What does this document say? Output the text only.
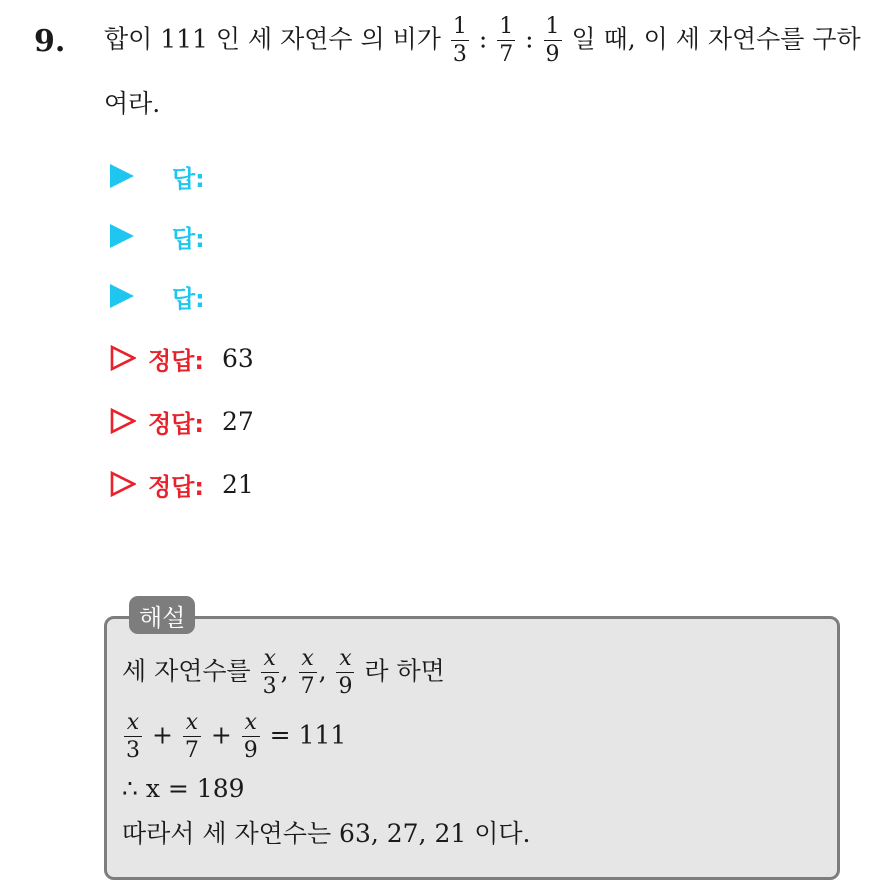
9. 합이 111 인 세 자연수 의 비가 $\frac{1}{3}$ : $\frac{1}{7}$ : $\frac{1}{9}$ 일 때, 이 세 자연수를 구하
여라.
답:
답:
답:
정답: 63
정답: 27
정답: 21
해설
세 자연수를 $\frac{x}{3}$ , $\frac{x}{7}$ , $\frac{x}{9}$ 라 하면
$\frac{x}{3} + \frac{x}{7} + \frac{x}{9} = 111$
∴ x = 189
따라서 세 자연수는 63, 27, 21 이다.
